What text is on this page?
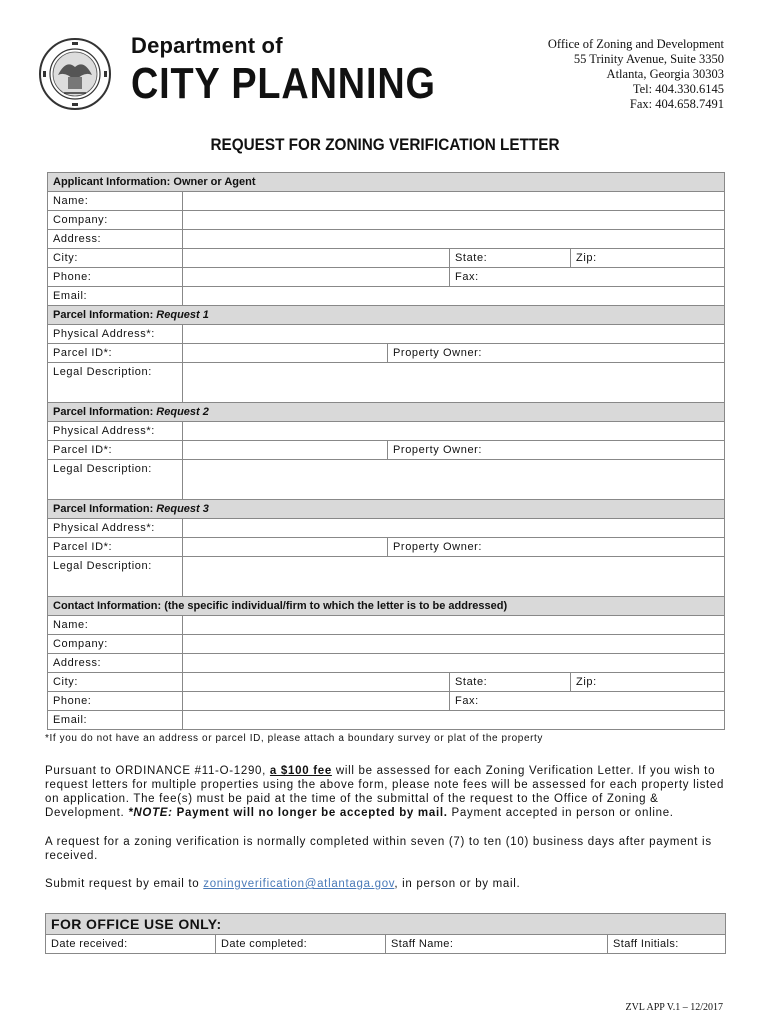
Department of
CITY PLANNING
Office of Zoning and Development
55 Trinity Avenue, Suite 3350
Atlanta, Georgia 30303
Tel: 404.330.6145
Fax: 404.658.7491
REQUEST FOR ZONING VERIFICATION LETTER
Applicant Information: Owner or Agent				
Name:				
Company:				
Address:				
City:			State:	Zip:
Phone:			Fax:	
Email:				
Parcel Information: Request 1				
Physical Address*:				
Parcel ID*:		Property Owner:		
Legal Description:				
Parcel Information: Request 2				
Physical Address*:				
Parcel ID*:		Property Owner:		
Legal Description:				
Parcel Information: Request 3				
Physical Address*:				
Parcel ID*:		Property Owner:		
Legal Description:				
Contact Information: (the specific individual/firm to which the letter is to be addressed)				
Name:				
Company:				
Address:				
City:			State:	Zip:
Phone:			Fax:	
Email:				
*If you do not have an address or parcel ID, please attach a boundary survey or plat of the property
Pursuant to ORDINANCE #11-O-1290, a $100 fee will be assessed for each Zoning Verification Letter. If you wish to request letters for multiple properties using the above form, please note fees will be assessed for each property listed on application. The fee(s) must be paid at the time of the submittal of the request to the Office of Zoning & Development. *NOTE: Payment will no longer be accepted by mail. Payment accepted in person or online.
A request for a zoning verification is normally completed within seven (7) to ten (10) business days after payment is received.
Submit request by email to zoningverification@atlantaga.gov, in person or by mail.
FOR OFFICE USE ONLY:
Date received:	Date completed:	Staff Name:	Staff Initials:
ZVL APP V.1 – 12/2017
